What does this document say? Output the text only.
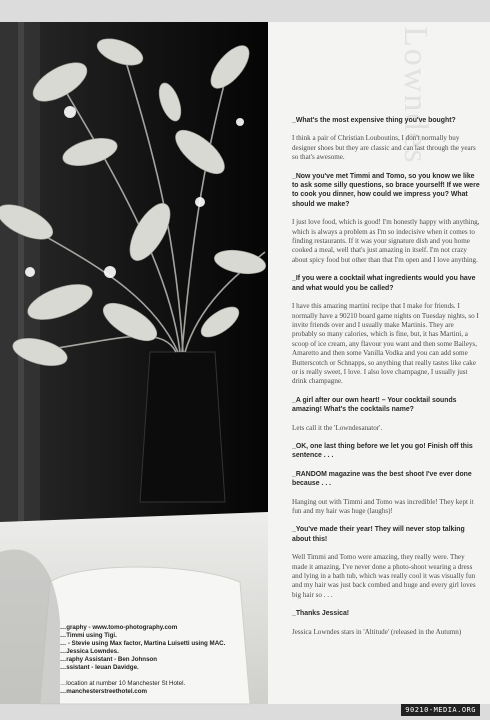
…graphy - www.tomo-photography.com

…Timmi using Tigi.

… - Stevie using Max factor, Martina Luisetti using MAC.

…Jessica Lowndes.

…raphy Assistant - Ben Johnson

…ssistant - Ieuan Davidge.

…location at number 10 Manchester St Hotel.

…manchesterstreethotel.com

Lowndes

_What's the most expensive thing you've bought?

I think a pair of Christian Louboutins, I don't normally buy designer shoes but they are classic and can last through the years so that's awesome.

_Now you've met Timmi and Tomo, so you know we like to ask some silly questions, so brace yourself! If we were to cook you dinner, how could we impress you? What should we make?

I just love food, which is good! I'm honestly happy with anything, which is always a problem as I'm so indecisive when it comes to finding restaurants. If it was your signature dish and you home cooked a meal, well that's just amazing in itself. I'm not crazy about spicy food but other than that I'm open and I love anything.

_If you were a cocktail what ingredients would you have and what would you be called?

I have this amazing martini recipe that I make for friends. I normally have a 90210 board game nights on Tuesday nights, so I invite friends over and I usually make Martinis. They are probably so many calories, which is fine, but, it has Martini, a scoop of ice cream, any flavour you want and then some Baileys, Amaretto and then some Vanilla Vodka and you can add some Butterscotch or Schnapps, so anything that really tastes like cake or is really sweet, I love. I also love champagne, I usually just drink champagne.

_A girl after our own heart! – Your cocktail sounds amazing! What's the cocktails name?

Lets call it the 'Lowndesanator'.

_OK, one last thing before we let you go! Finish off this sentence . . .

_RANDOM magazine was the best shoot I've ever done because . . .

Hanging out with Timmi and Tomo was incredible! They kept it fun and my hair was huge (laughs)!

_You've made their year! They will never stop talking about this!

Well Timmi and Tomo were amazing, they really were. They made it amazing, I've never done a photo-shoot wearing a dress and lying in a bath tub, which was really cool it was visually fun and my hair was just back combed and huge and every girl loves big hair so . . .

_Thanks Jessica!

Jessica Lowndes stars in 'Altitude' (released in the Autumn)

90210-MEDIA.ORG
